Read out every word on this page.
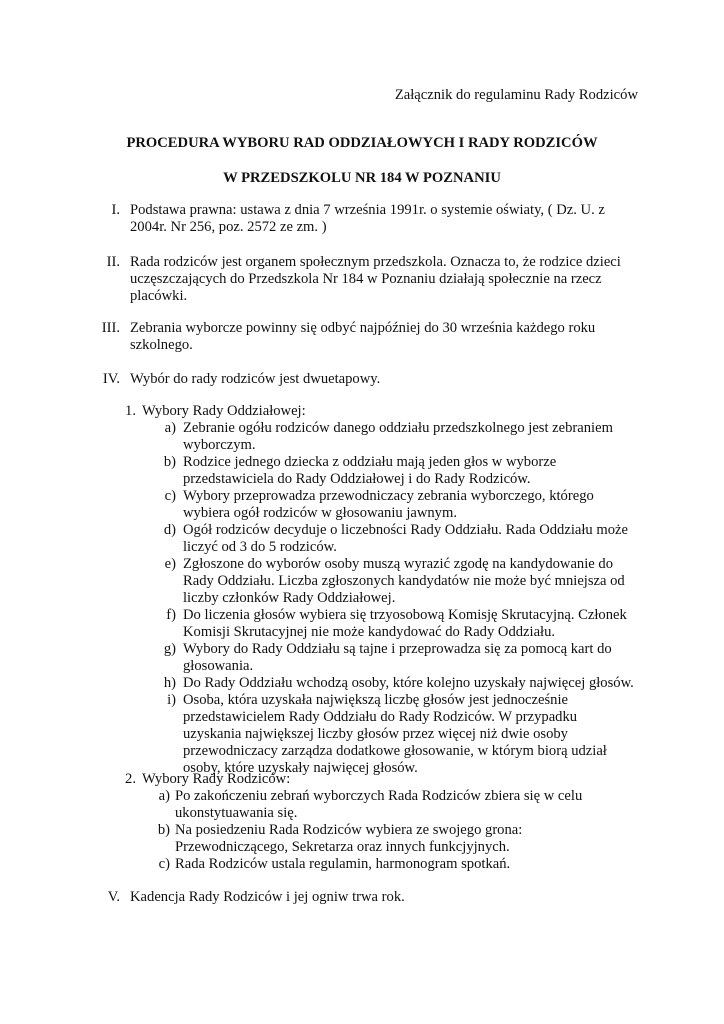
Załącznik do regulaminu Rady Rodziców
PROCEDURA WYBORU RAD ODDZIAŁOWYCH I RADY RODZICÓW
W PRZEDSZKOLU NR 184 W POZNANIU
I. Podstawa prawna: ustawa z dnia 7 września 1991r. o systemie oświaty, ( Dz. U. z
2004r. Nr 256, poz. 2572 ze zm. )
II. Rada rodziców jest organem społecznym przedszkola. Oznacza to, że rodzice dzieci
uczęszczających do Przedszkola Nr 184 w Poznaniu działają społecznie na rzecz
placówki.
III. Zebrania wyborcze powinny się odbyć najpóźniej do 30 września każdego roku
szkolnego.
IV. Wybór do rady rodziców jest dwuetapowy.
1. Wybory Rady Oddziałowej:
a) Zebranie ogółu rodziców danego oddziału przedszkolnego jest zebraniem
wyborczym.
b) Rodzice jednego dziecka z oddziału mają jeden głos w wyborze
przedstawiciela do Rady Oddziałowej i do Rady Rodziców.
c) Wybory przeprowadza przewodniczacy zebrania wyborczego, którego
wybiera ogół rodziców w głosowaniu jawnym.
d) Ogół rodziców decyduje o liczebności Rady Oddziału. Rada Oddziału może
liczyć od 3 do 5 rodziców.
e) Zgłoszone do wyborów osoby muszą wyrazić zgodę na kandydowanie do
Rady Oddziału. Liczba zgłoszonych kandydatów nie może być mniejsza od
liczby członków Rady Oddziałowej.
f) Do liczenia głosów wybiera się trzyosobową Komisję Skrutacyjną. Członek
Komisji Skrutacyjnej nie może kandydować do Rady Oddziału.
g) Wybory do Rady Oddziału są tajne i przeprowadza się za pomocą kart do
głosowania.
h) Do Rady Oddziału wchodzą osoby, które kolejno uzyskały najwięcej głosów.
i) Osoba, która uzyskała największą liczbę głosów jest jednocześnie
przedstawicielem Rady Oddziału do Rady Rodziców. W przypadku
uzyskania największej liczby głosów przez więcej niż dwie osoby
przewodniczacy zarządza dodatkowe głosowanie, w którym biorą udział
osoby, które uzyskały najwięcej głosów.
2. Wybory Rady Rodziców:
a) Po zakończeniu zebrań wyborczych Rada Rodziców zbiera się w celu
ukonstytuawania się.
b) Na posiedzeniu Rada Rodziców wybiera ze swojego grona:
Przewodniczącego, Sekretarza oraz innych funkcjyjnych.
c) Rada Rodziców ustala regulamin, harmonogram spotkań.
V. Kadencja Rady Rodziców i jej ogniw trwa rok.
